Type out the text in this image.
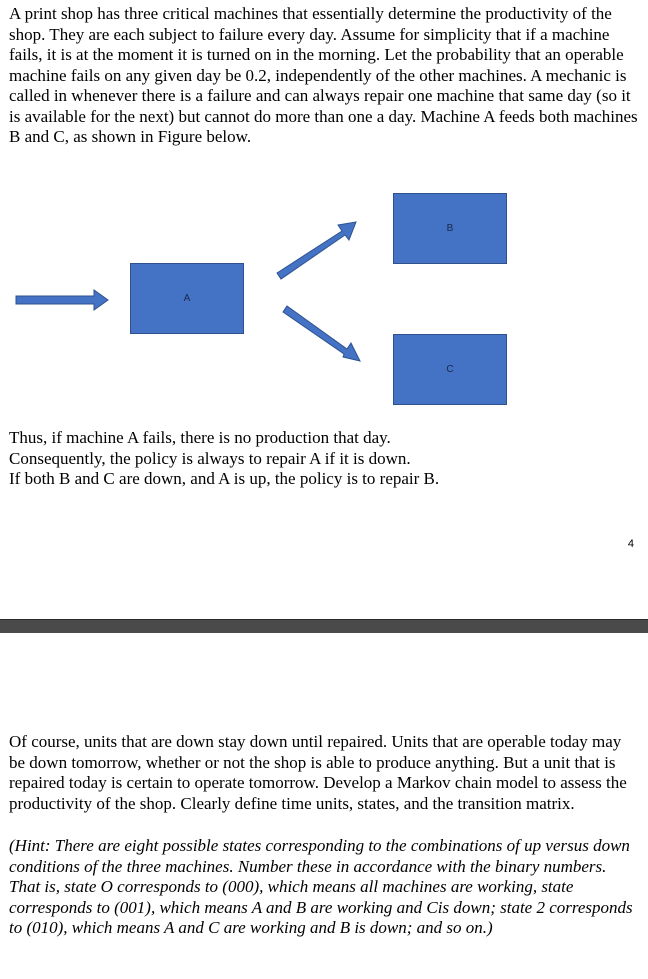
A print shop has three critical machines that essentially determine the productivity of the shop. They are each subject to failure every day. Assume for simplicity that if a machine fails, it is at the moment it is turned on in the morning. Let the probability that an operable machine fails on any given day be 0.2, independently of the other machines. A mechanic is called in whenever there is a failure and can always repair one machine that same day (so it is available for the next) but cannot do more than one a day. Machine A feeds both machines B and C, as shown in Figure below.

A
B
C
Thus, if machine A fails, there is no production that day.
Consequently, the policy is always to repair A if it is down.
If both B and C are down, and A is up, the policy is to repair B.
4

Of course, units that are down stay down until repaired. Units that are operable today may be down tomorrow, whether or not the shop is able to produce anything. But a unit that is repaired today is certain to operate tomorrow. Develop a Markov chain model to assess the productivity of the shop. Clearly define time units, states, and the transition matrix.

(Hint: There are eight possible states corresponding to the combinations of up versus down conditions of the three machines. Number these in accordance with the binary numbers. That is, state O corresponds to (000), which means all machines are working, state corresponds to (001), which means A and B are working and Cis down; state 2 corresponds to (010), which means A and C are working and B is down; and so on.)
